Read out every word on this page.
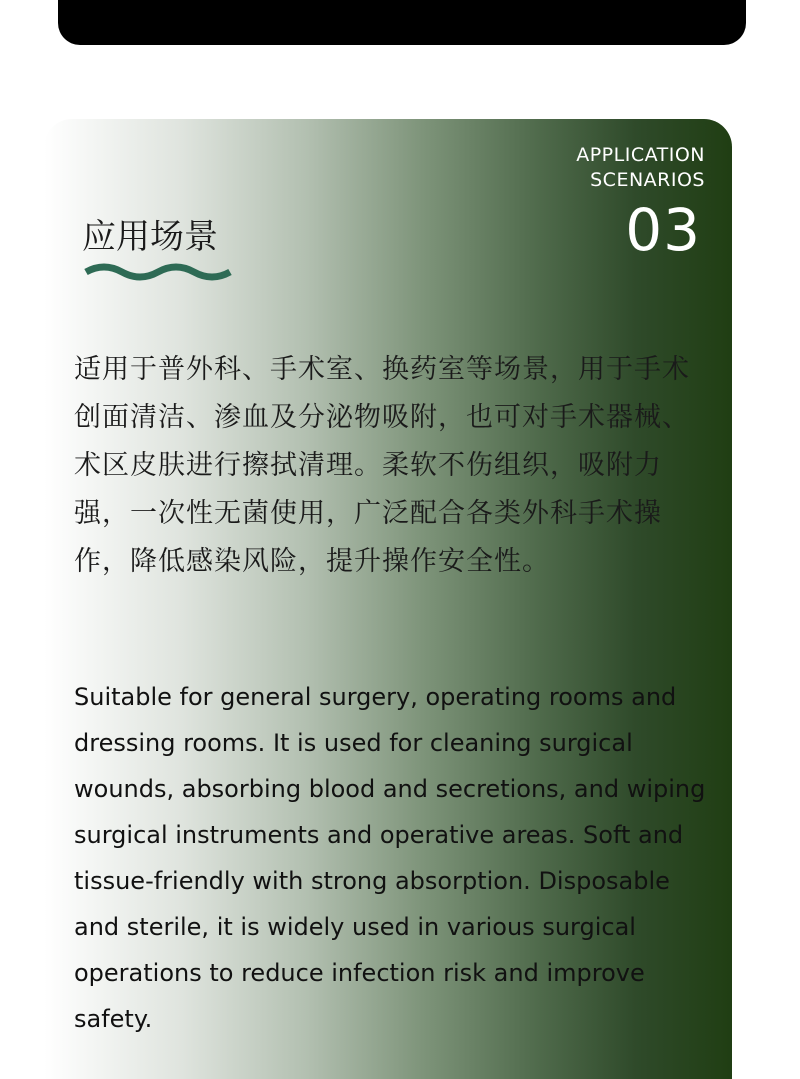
APPLICATION
SCENARIOS
03
应用场景

适用于普外科、手术室、换药室等场景，用于手术创面清洁、渗血及分泌物吸附，也可对手术器械、术区皮肤进行擦拭清理。柔软不伤组织，吸附力强，一次性无菌使用，广泛配合各类外科手术操作，降低感染风险，提升操作安全性。

Suitable for general surgery, operating rooms and dressing rooms. It is used for cleaning surgical wounds, absorbing blood and secretions, and wiping surgical instruments and operative areas. Soft and tissue-friendly with strong absorption. Disposable and sterile, it is widely used in various surgical operations to reduce infection risk and improve safety.
